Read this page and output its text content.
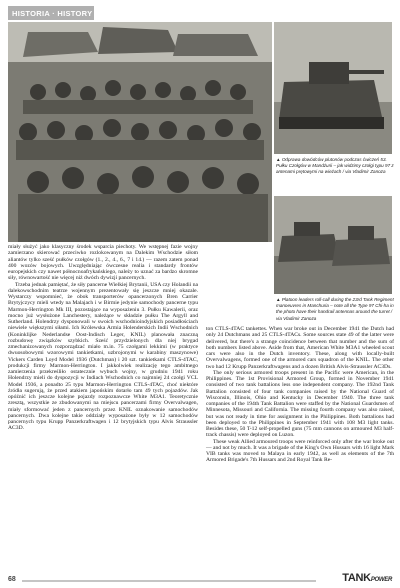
HISTORIA · HISTORY
▲ Odprawa dowódców plutonów podczas ćwiczeń 53. Pułku Czołgów w Mandżurii – jak widzimy czołgi typu 97 z antenami prętowymi na wieżach / via Vladimir Zanoza
▲ Platoon leaders roll-call during the 23rd Tank Regiment manoeuvres in Manchuria – note all the Type 97 Chi-ha in the photo have their handrail antennas around the turret / via Vladimir Zanoza

miały służyć jako klasyczny środek wsparcia piechoty. We wstępnej fazie wojny zamierzano skierować przeciwko rozlokowanym na Dalekim Wschodzie siłom aliantów tylko sześć pułków czołgów (1., 2., 4., 6., 7 i 14.) — razem zatem ponad 400 wozów bojowych. Uwzględniając ówczesne realia i standardy frontów europejskich czy nawet północnoafrykańskiego, należy to uznać za bardzo skromne siły, równowartość nie więcej niż dwóch dywizji pancernych.

Trzeba jednak pamiętać, że siły pancerne Wielkiej Brytanii, USA czy Holandii na dalekowschodnim teatrze wojennym prezentowały się jeszcze mniej okazale. Wystarczy wspomnieć, że obok transporterów opancerzonych Bren Carrier Brytyjczycy mieli wtedy na Malajach i w Birmie jedynie samochody pancerne typu Marmon-Herrington Mk III, pozostające na wyposażeniu 3. Pułku Kawalerii, oraz mocno już wysłużone Lanchestery, należące w składzie pułku The Argyll and Sutherland. Holendrzy dysponowali w swoich wschodnioindyjskich posiadłościach niewiele większymi siłami. Ich Królewska Armia Holenderskich Indii Wschodnich (Koninklijke Nederlandse Oost-Indisch Leger, KNIL) planowała znaczną rozbudowę związków szybkich. Sześć przydzielonych dla niej brygad zmechanizowanych rozporządzać miało m.in. 75 czołgami lekkimi (w praktyce dwuosobowymi wzorowymi tankietkami, uzbrojonymi w karabiny maszynowe) Vickers Carden Loyd Model 1936 (Dutchman) i 20 szt. tankietkami CTLS-4TAC, produkcji firmy Marmon-Herrington. I jakkolwiek realizację tego ambitnego zamierzenia przekreśliło ostatecznie wybuch wojny, w grudniu 1941 roku Holendrzy mieli do dyspozycji w Indiach Wschodnich co najmniej 24 czołgi VCL Model 1936, a ponadto 25 typu Marmon-Herrington CTLS-4TAC, choć niektóre źródła sugerują, że przed atakiem japońskim dotarło tam 49 tych pojazdów. Jak opóźnić ich jeszcze kolejne pojazdy rozpoznawcze White M3A1. Teoretycznie zresztą, wszystkie ze zbudowanymi na miejscu pancerzami firmy Overvalwagen, miały sformować jeden z pancernych przez KNIL oznakowanie samochodów pancernych. Dwa kolejne takie oddziały wyposażone były w 12 samochodów pancernych typu Krupp Panzerkraftwagen i 12 brytyjskich typu Alvis Straussler AC3D.

ton CTLS-4TAC tankettes. When war broke out in December 1941 the Dutch had only 24 Dutchmans and 25 CTLS-4TACs. Some sources state 49 of the latter were delivered, but there's a strange coincidence between that number and the sum of both numbers listed above. Aside from that, American White M3A1 wheeled scout cars were also in the Dutch inventory. These, along with locally-built Overvalwagens, formed one of the armored cars squadron of the KNIL. The other two had 12 Krupp Panzerkraftwagens and a dozen British Alvis-Straussler AC3Ds.

The only serious armored troops present in the Pacific were American, in the Philippines. The 1st Provisional Armored Group, formed in November 1941 consisted of two tank battalions less one independent company. The 192nd Tank Battalion consisted of four tank companies raised by the National Guard of Wisconsin, Illinois, Ohio and Kentucky in December 1940. The three tank companies of the 194th Tank Battalion were staffed by the National Guardsmen of Minnesota, Missouri and California. The missing fourth company was also raised, but was not ready in time for assignment in the Philippines. Both battalions had been deployed to the Philippines in September 1941 with 108 M3 light tanks. Besides these, 50 T-12 self-propelled guns (75 mm cannons on armoured M3 half-track chassis) were deployed on Luzon.

These weak Allied armoured troops were reinforced only after the war broke out — and not by much. It was a brigade of the King's Own Hussars with 16 light Mark VIB tanks was moved to Malaya in early 1942, as well as elements of the 7th Armored Brigade's 7th Hussars and 2nd Royal Tank Re-

68	TANKPOWER
